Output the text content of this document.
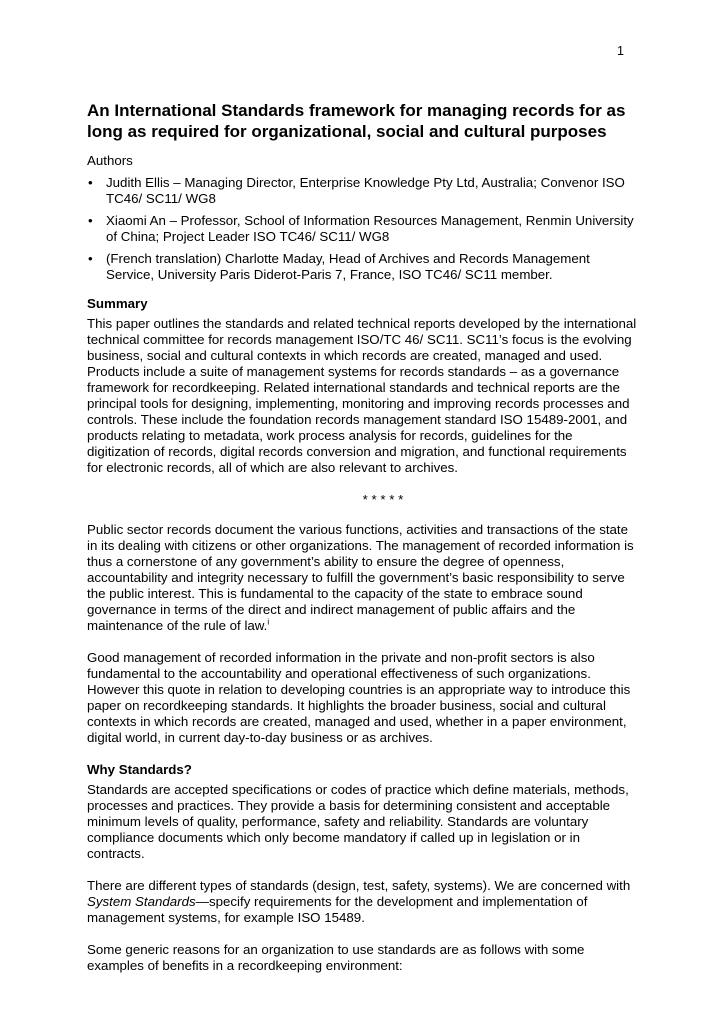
1
An International Standards framework for managing records for as long as required for organizational, social and cultural purposes
Authors
• Judith Ellis – Managing Director, Enterprise Knowledge Pty Ltd, Australia; Convenor ISO TC46/ SC11/ WG8
• Xiaomi An – Professor, School of Information Resources Management, Renmin University of China; Project Leader ISO TC46/ SC11/ WG8
• (French translation) Charlotte Maday, Head of Archives and Records Management Service, University Paris Diderot-Paris 7, France, ISO TC46/ SC11 member.
Summary

This paper outlines the standards and related technical reports developed by the international technical committee for records management ISO/TC 46/ SC11. SC11’s focus is the evolving business, social and cultural contexts in which records are created, managed and used. Products include a suite of management systems for records standards – as a governance framework for recordkeeping. Related international standards and technical reports are the principal tools for designing, implementing, monitoring and improving records processes and controls. These include the foundation records management standard ISO 15489-2001, and products relating to metadata, work process analysis for records, guidelines for the digitization of records, digital records conversion and migration, and functional requirements for electronic records, all of which are also relevant to archives.

* * * * *

Public sector records document the various functions, activities and transactions of the state in its dealing with citizens or other organizations. The management of recorded information is thus a cornerstone of any government’s ability to ensure the degree of openness, accountability and integrity necessary to fulfill the government’s basic responsibility to serve the public interest. This is fundamental to the capacity of the state to embrace sound governance in terms of the direct and indirect management of public affairs and the maintenance of the rule of law.$^i$

Good management of recorded information in the private and non-profit sectors is also fundamental to the accountability and operational effectiveness of such organizations. However this quote in relation to developing countries is an appropriate way to introduce this paper on recordkeeping standards. It highlights the broader business, social and cultural contexts in which records are created, managed and used, whether in a paper environment, digital world, in current day-to-day business or as archives.

Why Standards?

Standards are accepted specifications or codes of practice which define materials, methods, processes and practices. They provide a basis for determining consistent and acceptable minimum levels of quality, performance, safety and reliability. Standards are voluntary compliance documents which only become mandatory if called up in legislation or in contracts.

There are different types of standards (design, test, safety, systems). We are concerned with System Standards—specify requirements for the development and implementation of management systems, for example ISO 15489.

Some generic reasons for an organization to use standards are as follows with some examples of benefits in a recordkeeping environment:
